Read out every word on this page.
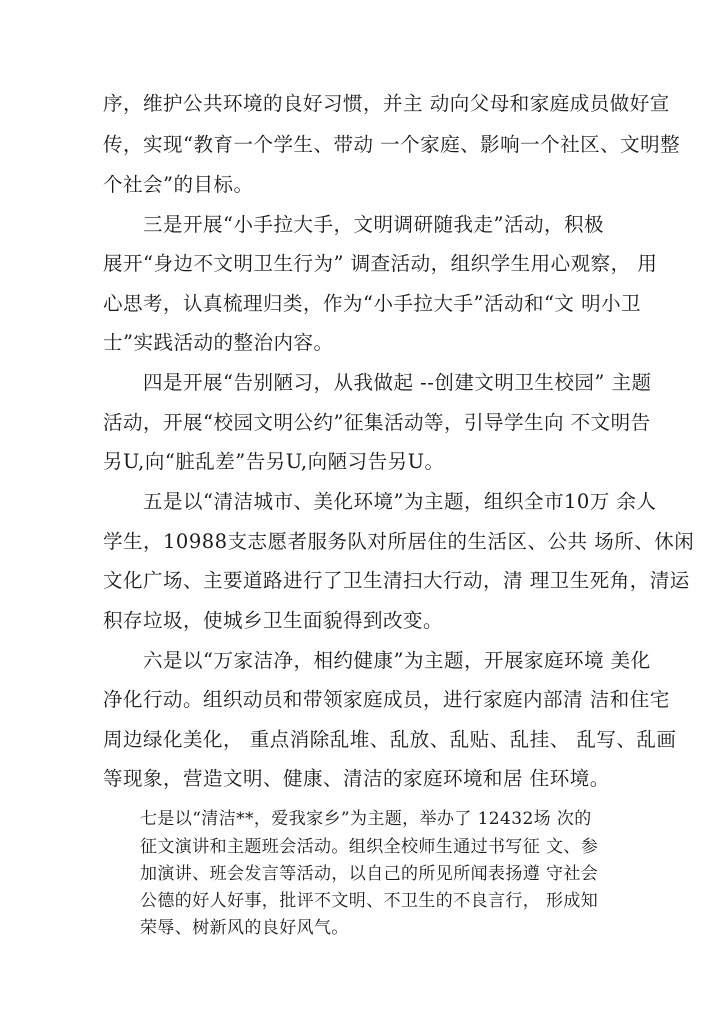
序，维护公共环境的良好习惯，并主 动向父母和家庭成员做好宣
传，实现“教育一个学生、带动 一个家庭、影响一个社区、文明整
个社会”的目标。
三是开展“小手拉大手，文明调研随我走”活动，积极
展开“身边不文明卫生行为” 调查活动，组织学生用心观察， 用
心思考，认真梳理归类，作为“小手拉大手”活动和“文 明小卫
士”实践活动的整治内容。
四是开展“告别陋习，从我做起 --创建文明卫生校园” 主题
活动，开展“校园文明公约”征集活动等，引导学生向 不文明告
另U,向“脏乱差”告另U,向陋习告另U。
五是以“清洁城市、美化环境”为主题，组织全市10万 余人
学生，10988支志愿者服务队对所居住的生活区、公共 场所、休闲
文化广场、主要道路进行了卫生清扫大行动，清 理卫生死角，清运
积存垃圾，使城乡卫生面貌得到改变。
六是以“万家洁净，相约健康”为主题，开展家庭环境 美化
净化行动。组织动员和带领家庭成员，进行家庭内部清 洁和住宅
周边绿化美化， 重点消除乱堆、乱放、乱贴、乱挂、 乱写、乱画
等现象，营造文明、健康、清洁的家庭环境和居 住环境。
七是以“清洁**，爱我家乡”为主题，举办了 12432场 次的
征文演讲和主题班会活动。组织全校师生通过书写征 文、参
加演讲、班会发言等活动，以自己的所见所闻表扬遵 守社会
公德的好人好事，批评不文明、不卫生的不良言行， 形成知
荣辱、树新风的良好风气。
